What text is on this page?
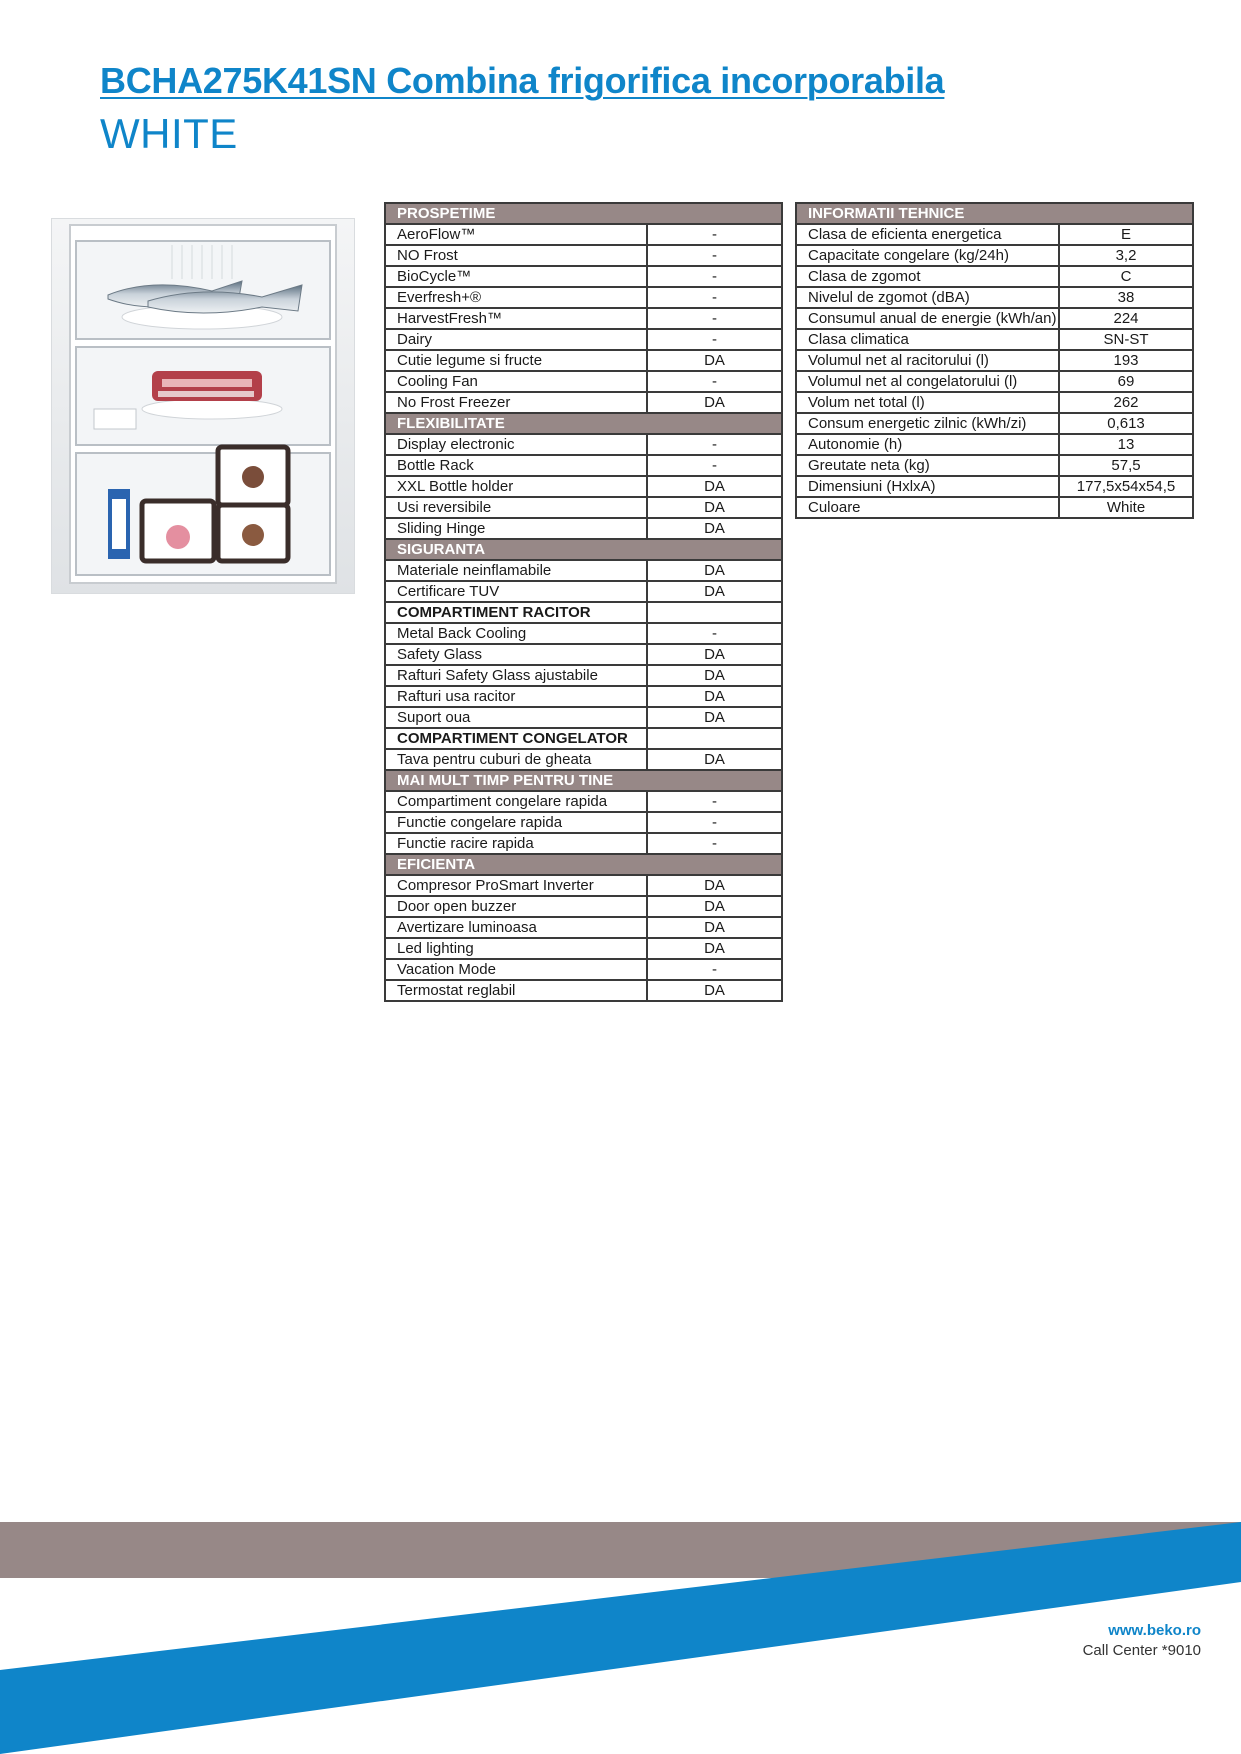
BCHA275K41SN Combina frigorifica incorporabila
WHITE
PROSPETIME	
AeroFlow™	-
NO Frost	-
BioCycle™	-
Everfresh+®	-
HarvestFresh™	-
Dairy	-
Cutie legume si fructe	DA
Cooling Fan	-
No Frost Freezer	DA
FLEXIBILITATE	
Display electronic	-
Bottle Rack	-
XXL Bottle holder	DA
Usi reversibile	DA
Sliding Hinge	DA
SIGURANTA	
Materiale neinflamabile	DA
Certificare TUV	DA
COMPARTIMENT RACITOR	
Metal Back Cooling	-
Safety Glass	DA
Rafturi Safety Glass ajustabile	DA
Rafturi usa racitor	DA
Suport oua	DA
COMPARTIMENT CONGELATOR	
Tava pentru cuburi de gheata	DA
MAI MULT TIMP PENTRU TINE	
Compartiment congelare rapida	-
Functie congelare rapida	-
Functie racire rapida	-
EFICIENTA	
Compresor ProSmart Inverter	DA
Door open buzzer	DA
Avertizare luminoasa	DA
Led lighting	DA
Vacation Mode	-
Termostat reglabil	DA
INFORMATII TEHNICE	
Clasa de eficienta energetica	E
Capacitate congelare (kg/24h)	3,2
Clasa de zgomot	C
Nivelul de zgomot (dBA)	38
Consumul anual de energie (kWh/an)	224
Clasa climatica	SN-ST
Volumul net al racitorului (l)	193
Volumul net al congelatorului (l)	69
Volum net total (l)	262
Consum energetic zilnic (kWh/zi)	0,613
Autonomie (h)	13
Greutate neta (kg)	57,5
Dimensiuni (HxlxA)	177,5x54x54,5
Culoare	White
www.beko.ro
Call Center *9010
